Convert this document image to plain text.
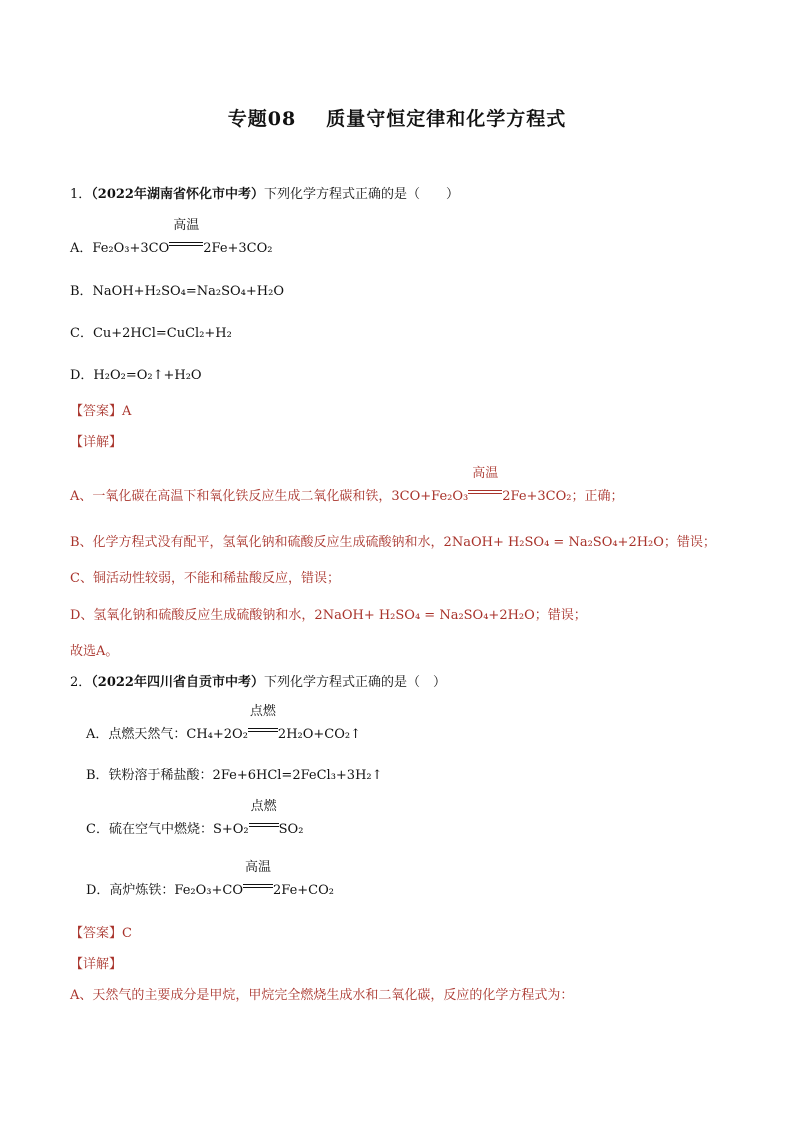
专题08 质量守恒定律和化学方程式
1．（2022年湖南省怀化市中考）下列化学方程式正确的是（　　）
A．Fe₂O₃+3CO
高温
2Fe+3CO₂
B．NaOH+H₂SO₄=Na₂SO₄+H₂O
C．Cu+2HCl=CuCl₂+H₂
D．H₂O₂=O₂↑+H₂O
【答案】A
【详解】
A、一氧化碳在高温下和氧化铁反应生成二氧化碳和铁，3CO+Fe₂O₃
高温
2Fe+3CO₂；正确；
B、化学方程式没有配平，氢氧化钠和硫酸反应生成硫酸钠和水，2NaOH+ H₂SO₄ = Na₂SO₄+2H₂O；错误；
C、铜活动性较弱，不能和稀盐酸反应，错误；
D、氢氧化钠和硫酸反应生成硫酸钠和水，2NaOH+ H₂SO₄ = Na₂SO₄+2H₂O；错误；
故选A。
2．（2022年四川省自贡市中考）下列化学方程式正确的是（　）
A．点燃天然气：CH₄+2O₂
点燃
2H₂O+CO₂↑
B．铁粉溶于稀盐酸：2Fe+6HCl=2FeCl₃+3H₂↑
C．硫在空气中燃烧：S+O₂
点燃
SO₂
D．高炉炼铁：Fe₂O₃+CO
高温
2Fe+CO₂
【答案】C
【详解】
A、天然气的主要成分是甲烷，甲烷完全燃烧生成水和二氧化碳，反应的化学方程式为：
